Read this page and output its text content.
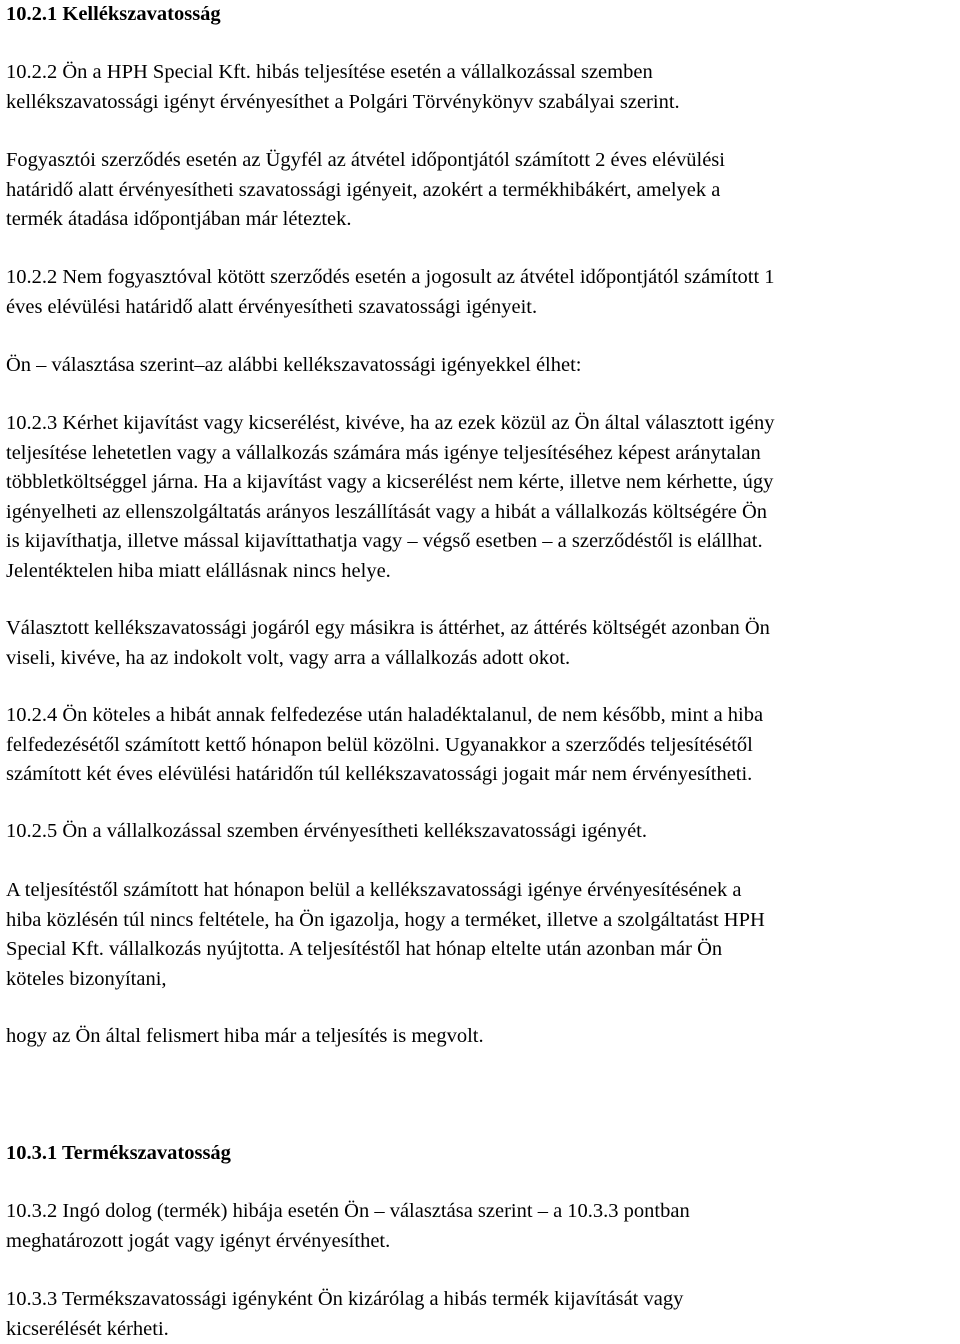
10.2.1 Kellékszavatosság

10.2.2 Ön a HPH Special Kft. hibás teljesítése esetén a vállalkozással szemben
kellékszavatossági igényt érvényesíthet a Polgári Törvénykönyv szabályai szerint.

Fogyasztói szerződés esetén az Ügyfél az átvétel időpontjától számított 2 éves elévülési
határidő alatt érvényesítheti szavatossági igényeit, azokért a termékhibákért, amelyek a
termék átadása időpontjában már léteztek.

10.2.2 Nem fogyasztóval kötött szerződés esetén a jogosult az átvétel időpontjától számított 1
éves elévülési határidő alatt érvényesítheti szavatossági igényeit.

Ön – választása szerint–az alábbi kellékszavatossági igényekkel élhet:

10.2.3 Kérhet kijavítást vagy kicserélést, kivéve, ha az ezek közül az Ön által választott igény
teljesítése lehetetlen vagy a vállalkozás számára más igénye teljesítéséhez képest aránytalan
többletköltséggel járna. Ha a kijavítást vagy a kicserélést nem kérte, illetve nem kérhette, úgy
igényelheti az ellenszolgáltatás arányos leszállítását vagy a hibát a vállalkozás költségére Ön
is kijavíthatja, illetve mással kijavíttathatja vagy – végső esetben – a szerződéstől is elállhat.
Jelentéktelen hiba miatt elállásnak nincs helye.

Választott kellékszavatossági jogáról egy másikra is áttérhet, az áttérés költségét azonban Ön
viseli, kivéve, ha az indokolt volt, vagy arra a vállalkozás adott okot.

10.2.4 Ön köteles a hibát annak felfedezése után haladéktalanul, de nem később, mint a hiba
felfedezésétől számított kettő hónapon belül közölni. Ugyanakkor a szerződés teljesítésétől
számított két éves elévülési határidőn túl kellékszavatossági jogait már nem érvényesítheti.

10.2.5 Ön a vállalkozással szemben érvényesítheti kellékszavatossági igényét.

A teljesítéstől számított hat hónapon belül a kellékszavatossági igénye érvényesítésének a
hiba közlésén túl nincs feltétele, ha Ön igazolja, hogy a terméket, illetve a szolgáltatást HPH
Special Kft. vállalkozás nyújtotta. A teljesítéstől hat hónap eltelte után azonban már Ön
köteles bizonyítani,

hogy az Ön által felismert hiba már a teljesítés is megvolt.

10.3.1 Termékszavatosság

10.3.2 Ingó dolog (termék) hibája esetén Ön – választása szerint – a 10.3.3 pontban
meghatározott jogát vagy igényt érvényesíthet.

10.3.3 Termékszavatossági igényként Ön kizárólag a hibás termék kijavítását vagy
kicserélését kérheti.
